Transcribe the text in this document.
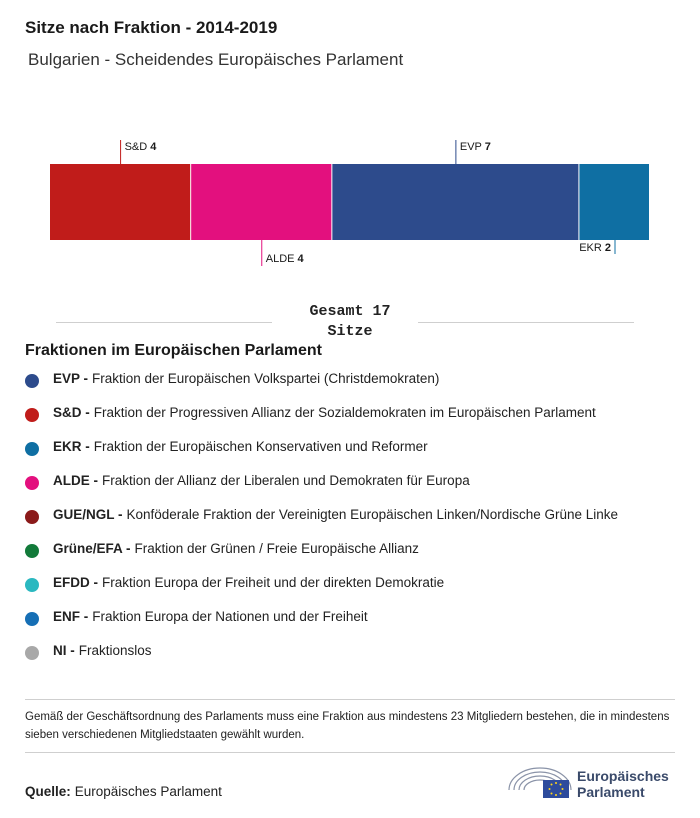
Sitze nach Fraktion - 2014-2019
Bulgarien - Scheidendes Europäisches Parlament
S&D 4
ALDE 4
EVP 7
EKR 2
Gesamt 17
Sitze
Fraktionen im Europäischen Parlament
EVP - Fraktion der Europäischen Volkspartei (Christdemokraten)
S&D - Fraktion der Progressiven Allianz der Sozialdemokraten im Europäischen Parlament
EKR - Fraktion der Europäischen Konservativen und Reformer
ALDE - Fraktion der Allianz der Liberalen und Demokraten für Europa
GUE/NGL - Konföderale Fraktion der Vereinigten Europäischen Linken/Nordische Grüne Linke
Grüne/EFA - Fraktion der Grünen / Freie Europäische Allianz
EFDD - Fraktion Europa der Freiheit und der direkten Demokratie
ENF - Fraktion Europa der Nationen und der Freiheit
NI - Fraktionslos
Gemäß der Geschäftsordnung des Parlaments muss eine Fraktion aus mindestens 23 Mitgliedern bestehen, die in mindestens sieben verschiedenen Mitgliedstaaten gewählt wurden.
Quelle: Europäisches Parlament
Europäisches
Parlament
